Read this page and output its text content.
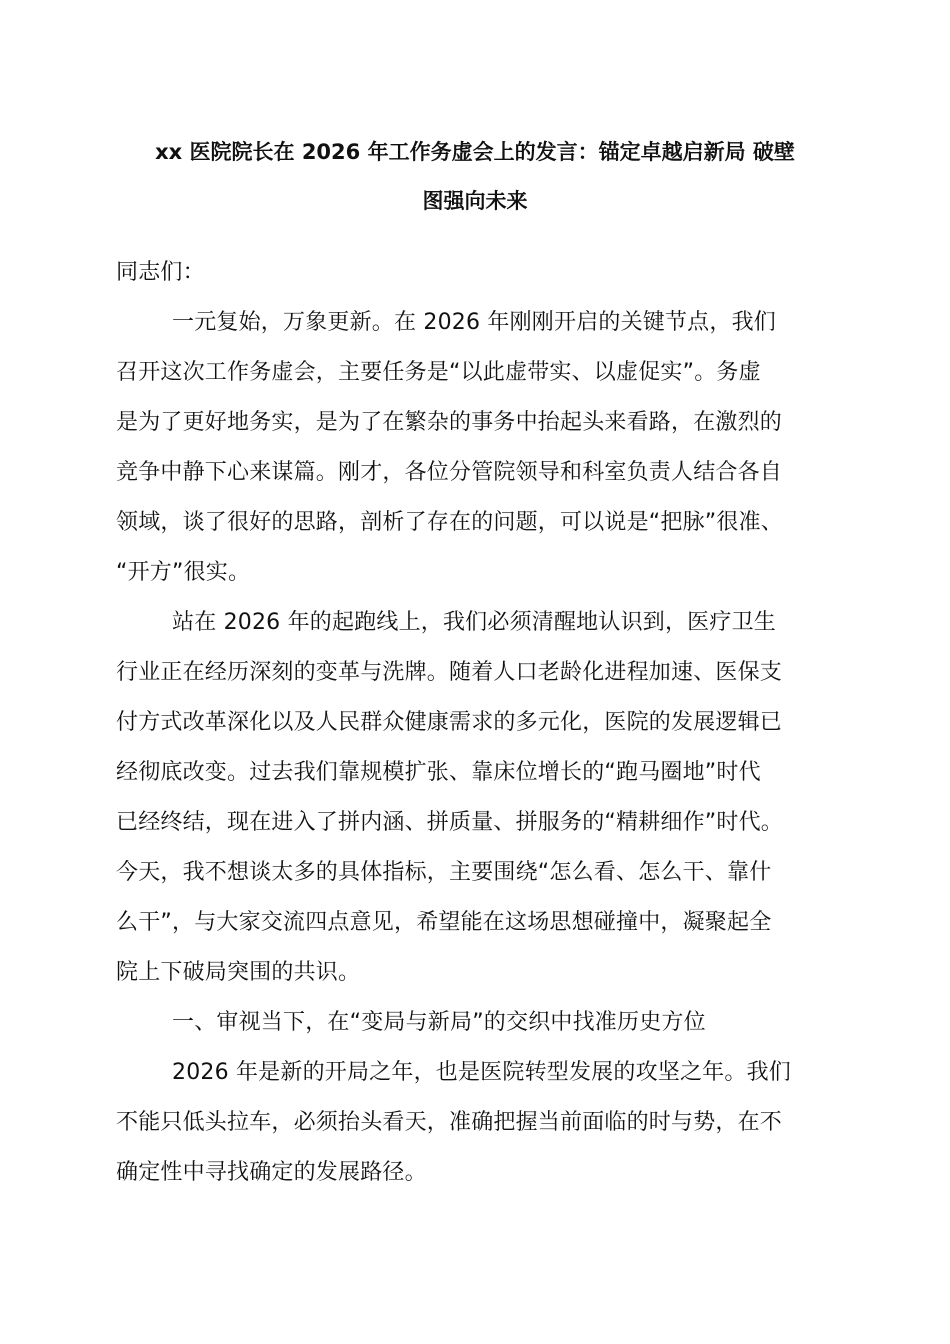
xx 医院院长在 2026 年工作务虚会上的发言：锚定卓越启新局 破壁
图强向未来
同志们：
一元复始，万象更新。在 2026 年刚刚开启的关键节点，我们
召开这次工作务虚会，主要任务是“以此虚带实、以虚促实”。务虚
是为了更好地务实，是为了在繁杂的事务中抬起头来看路，在激烈的
竞争中静下心来谋篇。刚才，各位分管院领导和科室负责人结合各自
领域，谈了很好的思路，剖析了存在的问题，可以说是“把脉”很准、
“开方”很实。
站在 2026 年的起跑线上，我们必须清醒地认识到，医疗卫生
行业正在经历深刻的变革与洗牌。随着人口老龄化进程加速、医保支
付方式改革深化以及人民群众健康需求的多元化，医院的发展逻辑已
经彻底改变。过去我们靠规模扩张、靠床位增长的“跑马圈地”时代
已经终结，现在进入了拼内涵、拼质量、拼服务的“精耕细作”时代。
今天，我不想谈太多的具体指标，主要围绕“怎么看、怎么干、靠什
么干”，与大家交流四点意见，希望能在这场思想碰撞中，凝聚起全
院上下破局突围的共识。
一、审视当下，在“变局与新局”的交织中找准历史方位
2026 年是新的开局之年，也是医院转型发展的攻坚之年。我们
不能只低头拉车，必须抬头看天，准确把握当前面临的时与势，在不
确定性中寻找确定的发展路径。
